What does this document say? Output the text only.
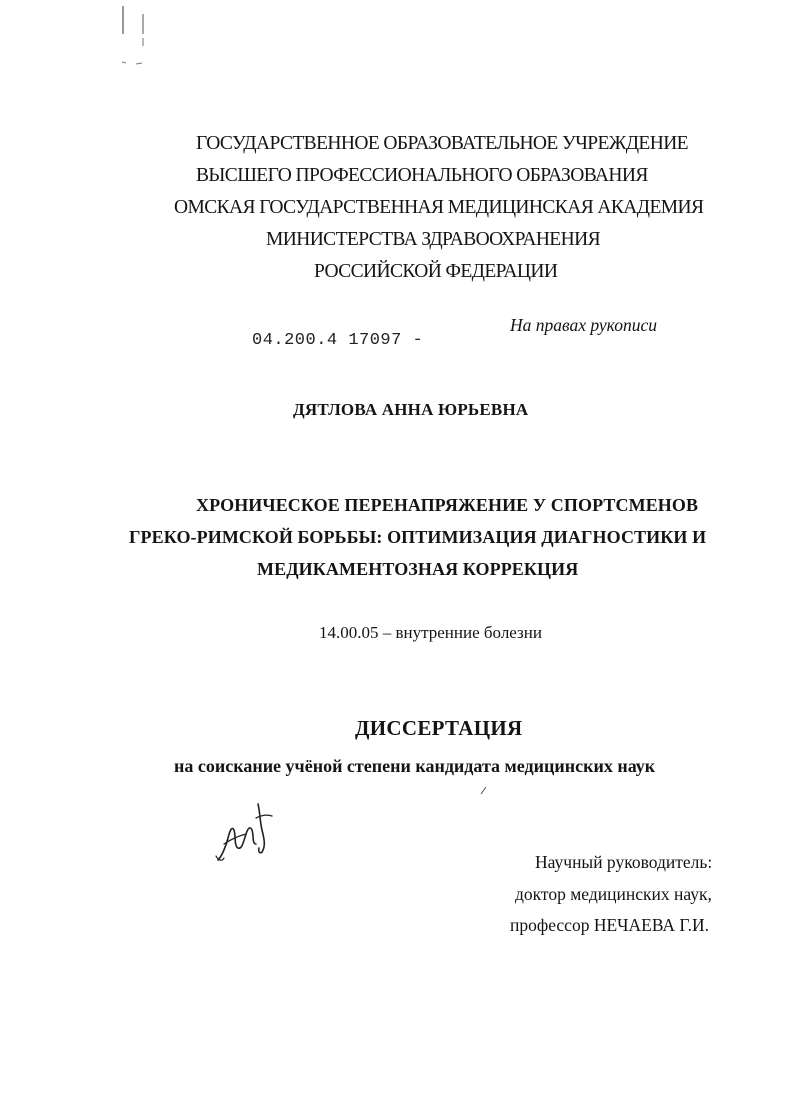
ГОСУДАРСТВЕННОЕ ОБРАЗОВАТЕЛЬНОЕ УЧРЕЖДЕНИЕ
ВЫСШЕГО ПРОФЕССИОНАЛЬНОГО ОБРАЗОВАНИЯ
ОМСКАЯ ГОСУДАРСТВЕННАЯ МЕДИЦИНСКАЯ АКАДЕМИЯ
МИНИСТЕРСТВА ЗДРАВООХРАНЕНИЯ
РОССИЙСКОЙ ФЕДЕРАЦИИ
04.200.4 17097 -
На правах рукописи
ДЯТЛОВА АННА ЮРЬЕВНА
ХРОНИЧЕСКОЕ ПЕРЕНАПРЯЖЕНИЕ У СПОРТСМЕНОВ
ГРЕКО-РИМСКОЙ БОРЬБЫ: ОПТИМИЗАЦИЯ ДИАГНОСТИКИ И
МЕДИКАМЕНТОЗНАЯ КОРРЕКЦИЯ
14.00.05 – внутренние болезни
ДИССЕРТАЦИЯ
на соискание учёной степени кандидата медицинских наук
Научный руководитель:
доктор медицинских наук,
профессор НЕЧАЕВА Г.И.
